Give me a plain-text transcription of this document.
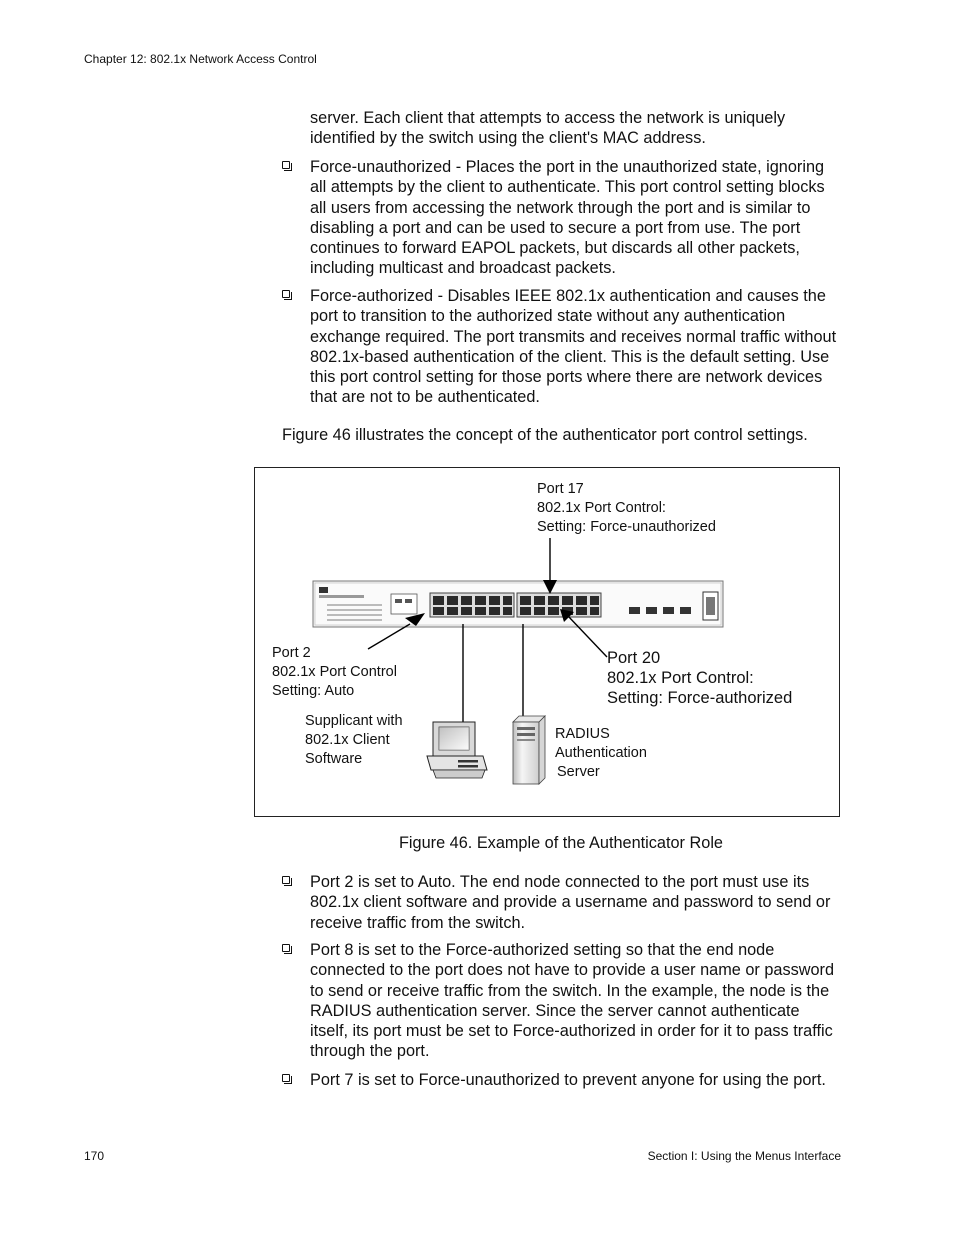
Chapter 12: 802.1x Network Access Control

server. Each client that attempts to access the network is uniquely identified by the switch using the client's MAC address.

Force-unauthorized - Places the port in the unauthorized state, ignoring all attempts by the client to authenticate. This port control setting blocks all users from accessing the network through the port and is similar to disabling a port and can be used to secure a port from use. The port continues to forward EAPOL packets, but discards all other packets, including multicast and broadcast packets.
Force-authorized - Disables IEEE 802.1x authentication and causes the port to transition to the authorized state without any authentication exchange required. The port transmits and receives normal traffic without 802.1x-based authentication of the client. This is the default setting. Use this port control setting for those ports where there are network devices that are not to be authenticated.
Figure 46 illustrates the concept of the authenticator port control settings.
Port 17
802.1x Port Control:
Setting: Force-unauthorized
Port 2
802.1x Port Control
Setting: Auto
Port 20
802.1x Port Control:
Setting: Force-authorized
Supplicant with
802.1x Client
Software
RADIUS
Authentication
Server
Figure 46. Example of the Authenticator Role
Port 2 is set to Auto. The end node connected to the port must use its 802.1x client software and provide a username and password to send or receive traffic from the switch.
Port 8 is set to the Force-authorized setting so that the end node connected to the port does not have to provide a user name or password to send or receive traffic from the switch. In the example, the node is the RADIUS authentication server. Since the server cannot authenticate itself, its port must be set to Force-authorized in order for it to pass traffic through the port.
Port 7 is set to Force-unauthorized to prevent anyone for using the port.
170	Section I: Using the Menus Interface
